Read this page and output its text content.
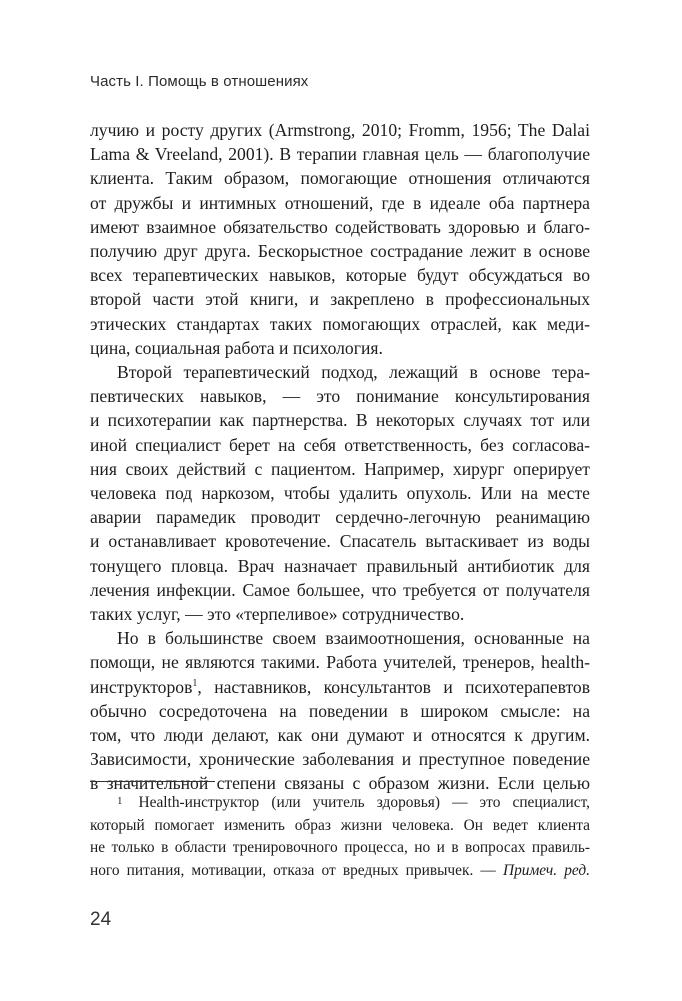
Часть I. Помощь в отношениях
лучию и росту других (Armstrong, 2010; Fromm, 1956; The Dalai
Lama & Vreeland, 2001). В терапии главная цель — благополучие
клиента. Таким образом, помогающие отношения отличаются
от дружбы и интимных отношений, где в идеале оба партнера
имеют взаимное обязательство содействовать здоровью и благо-
получию друг друга. Бескорыстное сострадание лежит в основе
всех терапевтических навыков, которые будут обсуждаться во
второй части этой книги, и закреплено в профессиональных
этических стандартах таких помогающих отраслей, как меди-
цина, социальная работа и психология.
Второй терапевтический подход, лежащий в основе тера-
певтических навыков, — это понимание консультирования
и психотерапии как партнерства. В некоторых случаях тот или
иной специалист берет на себя ответственность, без согласова-
ния своих действий с пациентом. Например, хирург оперирует
человека под наркозом, чтобы удалить опухоль. Или на месте
аварии парамедик проводит сердечно-легочную реанимацию
и останавливает кровотечение. Спасатель вытаскивает из воды
тонущего пловца. Врач назначает правильный антибиотик для
лечения инфекции. Самое большее, что требуется от получателя
таких услуг, — это «терпеливое» сотрудничество.
Но в большинстве своем взаимоотношения, основанные на
помощи, не являются такими. Работа учителей, тренеров, health-
инструкторов$^1$, наставников, консультантов и психотерапевтов
обычно сосредоточена на поведении в широком смысле: на
том, что люди делают, как они думают и относятся к другим.
Зависимости, хронические заболевания и преступное поведение
в значительной степени связаны с образом жизни. Если целью
1 Health-инструктор (или учитель здоровья) — это специалист,
который помогает изменить образ жизни человека. Он ведет клиента
не только в области тренировочного процесса, но и в вопросах правиль-
ного питания, мотивации, отказа от вредных привычек. — Примеч. ред.
24
